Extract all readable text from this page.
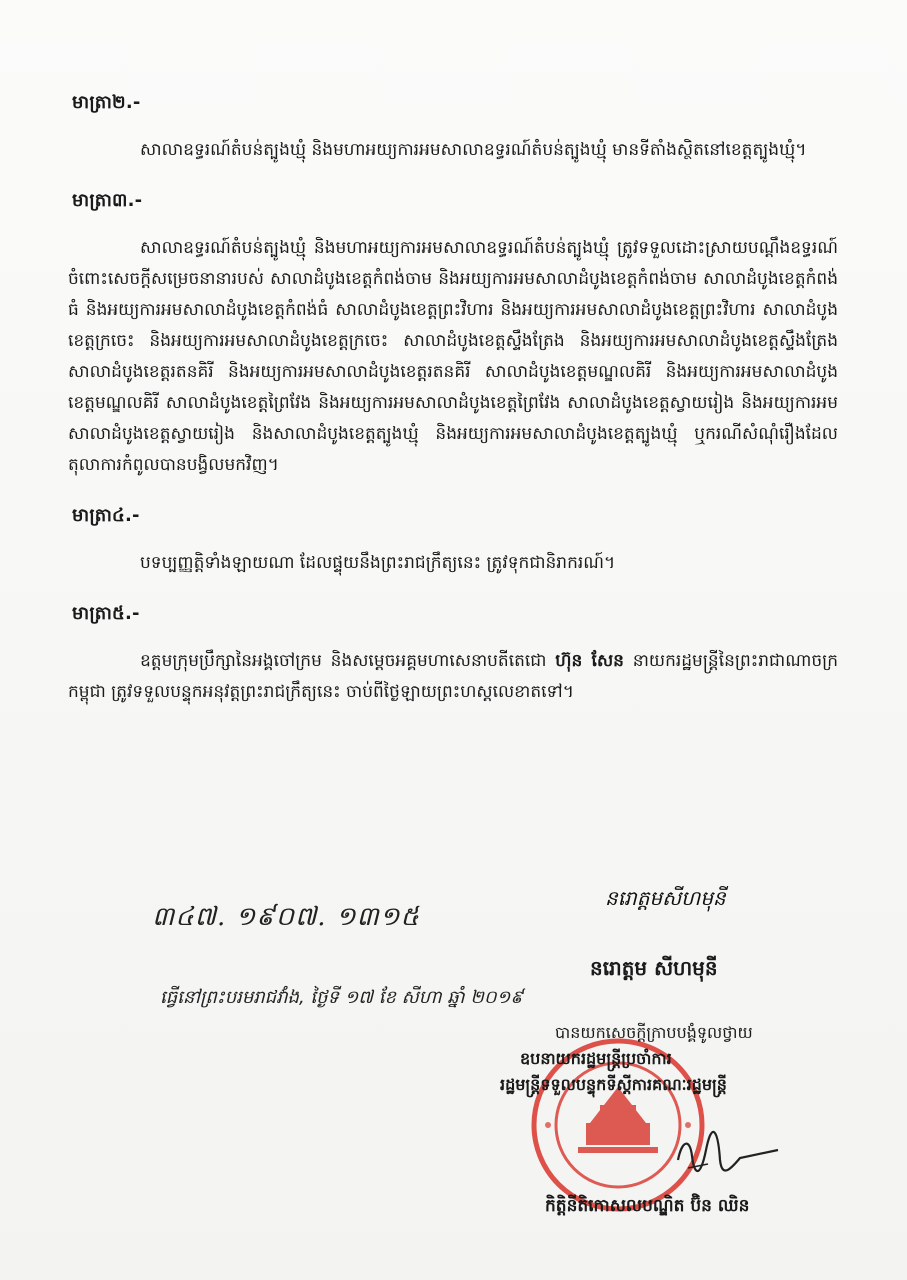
មាត្រា២.-

សាលាឧទ្ធរណ៍តំបន់ត្បូងឃ្មុំ និងមហាអយ្យការអមសាលាឧទ្ធរណ៍តំបន់ត្បូងឃ្មុំ មានទីតាំងស្ថិតនៅខេត្តត្បូងឃ្មុំ។

មាត្រា៣.-

សាលាឧទ្ធរណ៍តំបន់ត្បូងឃ្មុំ និងមហាអយ្យការអមសាលាឧទ្ធរណ៍តំបន់ត្បូងឃ្មុំ ត្រូវទទួលដោះស្រាយបណ្តឹងឧទ្ធរណ៍ចំពោះសេចក្តីសម្រេចនានារបស់ សាលាដំបូងខេត្តកំពង់ចាម និងអយ្យការអមសាលាដំបូងខេត្តកំពង់ចាម សាលាដំបូងខេត្តកំពង់ធំ និងអយ្យការអមសាលាដំបូងខេត្តកំពង់ធំ សាលាដំបូងខេត្តព្រះវិហារ និងអយ្យការអមសាលាដំបូងខេត្តព្រះវិហារ សាលាដំបូងខេត្តក្រចេះ និងអយ្យការអមសាលាដំបូងខេត្តក្រចេះ សាលាដំបូងខេត្តស្ទឹងត្រែង និងអយ្យការអមសាលាដំបូងខេត្តស្ទឹងត្រែង សាលាដំបូងខេត្តរតនគិរី និងអយ្យការអមសាលាដំបូងខេត្តរតនគិរី សាលាដំបូងខេត្តមណ្ឌលគិរី និងអយ្យការអមសាលាដំបូងខេត្តមណ្ឌលគិរី សាលាដំបូងខេត្តព្រៃវែង និងអយ្យការអមសាលាដំបូងខេត្តព្រៃវែង សាលាដំបូងខេត្តស្វាយរៀង និងអយ្យការអមសាលាដំបូងខេត្តស្វាយរៀង និងសាលាដំបូងខេត្តត្បូងឃ្មុំ និងអយ្យការអមសាលាដំបូងខេត្តត្បូងឃ្មុំ ឬករណីសំណុំរឿងដែលតុលាការកំពូលបានបង្វិលមកវិញ។

មាត្រា៤.-

បទប្បញ្ញត្តិទាំងឡាយណា ដែលផ្ទុយនឹងព្រះរាជក្រឹត្យនេះ ត្រូវទុកជានិរាករណ៍។

មាត្រា៥.-

ឧត្តមក្រុមប្រឹក្សានៃអង្គចៅក្រម និងសម្តេចអគ្គមហាសេនាបតីតេជោ ហ៊ុន សែន នាយករដ្ឋមន្ត្រីនៃព្រះរាជាណាចក្រកម្ពុជា ត្រូវទទួលបន្ទុកអនុវត្តព្រះរាជក្រឹត្យនេះ ចាប់ពីថ្ងៃឡាយព្រះហស្តលេខាតទៅ។

៣៤៧. ១៩០៧. ១៣១៥
ធ្វើនៅព្រះបរមរាជវាំង, ថ្ងៃទី ១៧ ខែ សីហា ឆ្នាំ ២០១៩
នរោត្តមសីហមុនី
នរោត្តម សីហមុនី
បានយកសេចក្តីក្រាបបង្គំទូលថ្វាយ
ឧបនាយករដ្ឋមន្ត្រីប្រចាំការ
រដ្ឋមន្ត្រីទទួលបន្ទុកទីស្តីការគណៈរដ្ឋមន្ត្រី
កិត្តិនីតិកោសលបណ្ឌិត ប៊ិន ឈិន
